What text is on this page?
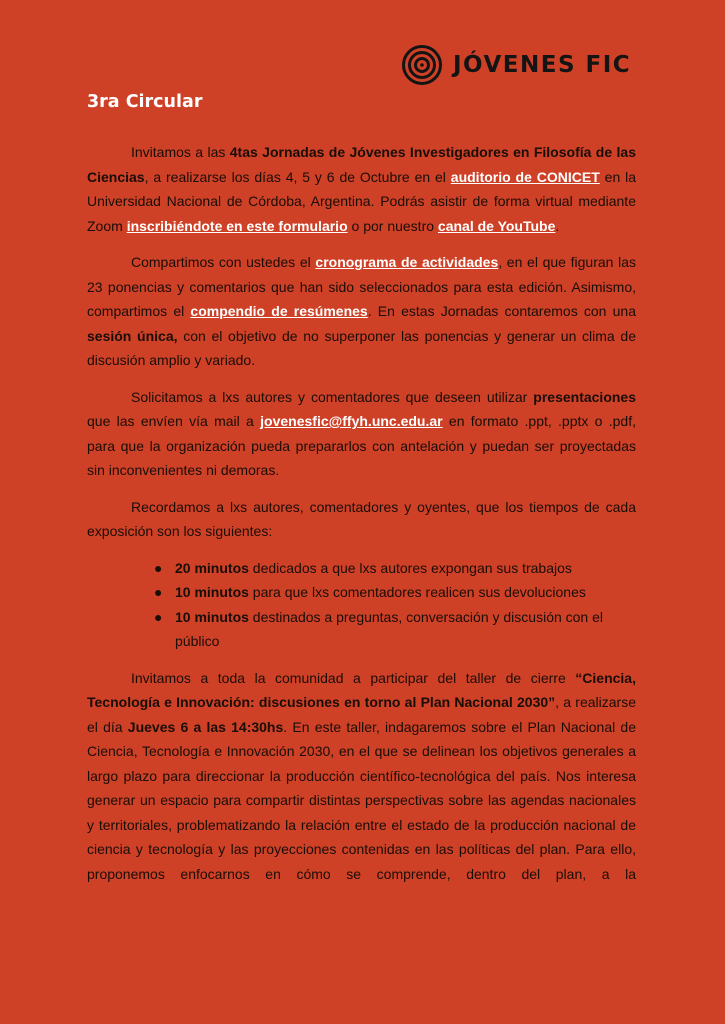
JÓVENES FIC
3ra Circular

Invitamos a las 4tas Jornadas de Jóvenes Investigadores en Filosofía de las Ciencias, a realizarse los días 4, 5 y 6 de Octubre en el auditorio de CONICET en la Universidad Nacional de Córdoba, Argentina. Podrás asistir de forma virtual mediante Zoom inscribiéndote en este formulario o por nuestro canal de YouTube.

Compartimos con ustedes el cronograma de actividades, en el que figuran las 23 ponencias y comentarios que han sido seleccionados para esta edición. Asimismo, compartimos el compendio de resúmenes. En estas Jornadas contaremos con una sesión única, con el objetivo de no superponer las ponencias y generar un clima de discusión amplio y variado.

Solicitamos a lxs autores y comentadores que deseen utilizar presentaciones que las envíen vía mail a jovenesfic@ffyh.unc.edu.ar en formato .ppt, .pptx o .pdf, para que la organización pueda prepararlos con antelación y puedan ser proyectadas sin inconvenientes ni demoras.

Recordamos a lxs autores, comentadores y oyentes, que los tiempos de cada exposición son los siguientes:

● 20 minutos dedicados a que lxs autores expongan sus trabajos
● 10 minutos para que lxs comentadores realicen sus devoluciones
● 10 minutos destinados a preguntas, conversación y discusión con el público

Invitamos a toda la comunidad a participar del taller de cierre “Ciencia, Tecnología e Innovación: discusiones en torno al Plan Nacional 2030”, a realizarse el día Jueves 6 a las 14:30hs. En este taller, indagaremos sobre el Plan Nacional de Ciencia, Tecnología e Innovación 2030, en el que se delinean los objetivos generales a largo plazo para direccionar la producción científico-tecnológica del país. Nos interesa generar un espacio para compartir distintas perspectivas sobre las agendas nacionales y territoriales, problematizando la relación entre el estado de la producción nacional de ciencia y tecnología y las proyecciones contenidas en las políticas del plan. Para ello, proponemos enfocarnos en cómo se comprende, dentro del plan, a la
